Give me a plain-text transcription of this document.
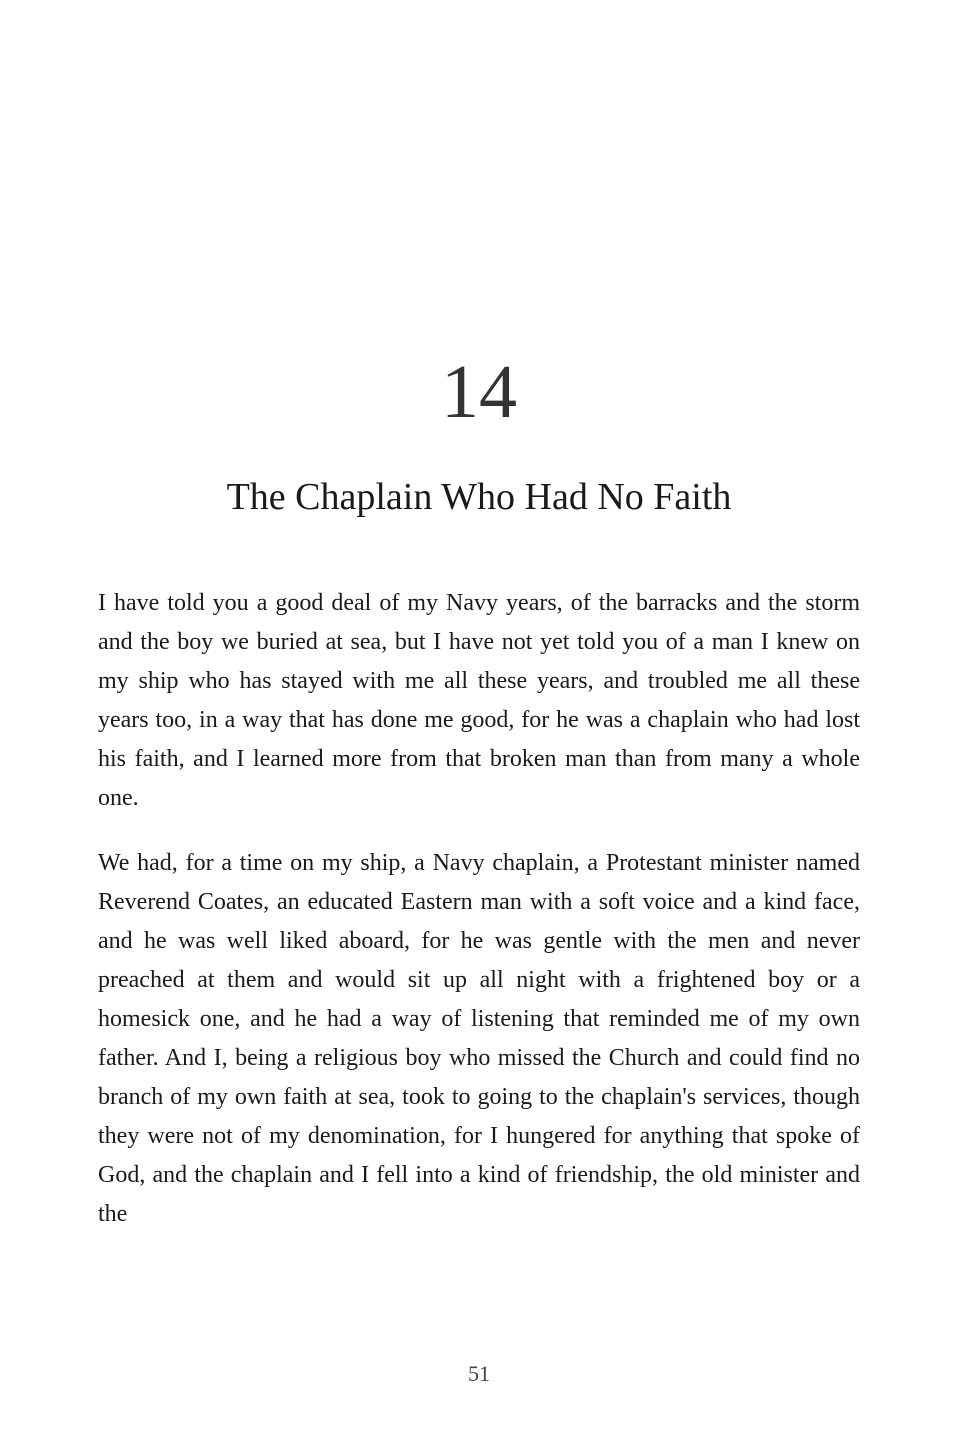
14
The Chaplain Who Had No Faith

I have told you a good deal of my Navy years, of the barracks and the storm and the boy we buried at sea, but I have not yet told you of a man I knew on my ship who has stayed with me all these years, and troubled me all these years too, in a way that has done me good, for he was a chaplain who had lost his faith, and I learned more from that broken man than from many a whole one.

We had, for a time on my ship, a Navy chaplain, a Protestant minister named Reverend Coates, an educated Eastern man with a soft voice and a kind face, and he was well liked aboard, for he was gentle with the men and never preached at them and would sit up all night with a frightened boy or a homesick one, and he had a way of listening that reminded me of my own father. And I, being a religious boy who missed the Church and could find no branch of my own faith at sea, took to going to the chaplain's services, though they were not of my denomination, for I hungered for anything that spoke of God, and the chaplain and I fell into a kind of friendship, the old minister and the

51
